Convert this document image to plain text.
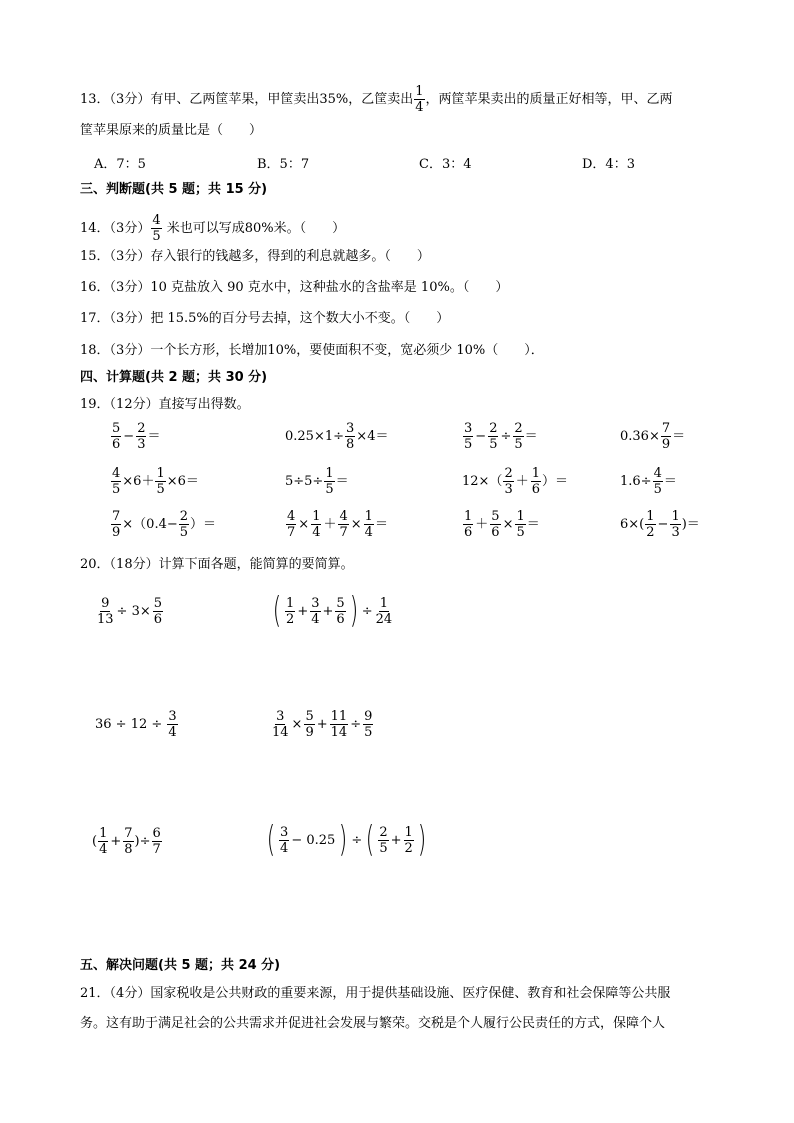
13．（3分）有甲、乙两筐苹果，甲筐卖出35%，乙筐卖出 $\frac{1}{4}$ ，两筐苹果卖出的质量正好相等，甲、乙两
筐苹果原来的质量比是（　　）
A．7：5	B．5：7	C．3：4	D．4：3
三、判断题(共 5 题；共 15 分)
14．（3分） $\frac{4}{5}$ 米也可以写成80%米。（　　）
15．（3分）存入银行的钱越多，得到的利息就越多。（　　）
16．（3分）10 克盐放入 90 克水中，这种盐水的含盐率是 10%。（　　）
17．（3分）把 15.5%的百分号去掉，这个数大小不变。（　　）
18．（3分）一个长方形，长增加10%，要使面积不变，宽必须少 10%（　　）．
四、计算题(共 2 题；共 30 分)
19．（12分）直接写出得数。
$\frac{5}{6} - \frac{2}{3}$ ＝	$0.25\times 1\div \frac{3}{8} \times 4=$	$\frac{3}{5} - \frac{2}{5} \div \frac{2}{5}$ ＝	$0.36\times \frac{7}{9}$ ＝
$\frac{4}{5} \times 6+ \frac{1}{5} \times 6=$	$5\div 5\div \frac{1}{5}$ ＝	$12\times( \frac{2}{3} + \frac{1}{6}$ ）＝	$1.6\div \frac{4}{5}$ ＝
$\frac{7}{9} \times(0.4- \frac{2}{5}$ ）＝	$\frac{4}{7} \times \frac{1}{4} + \frac{4}{7} \times \frac{1}{4}$ ＝	$\frac{1}{6} + \frac{5}{6} \times \frac{1}{5}$ ＝	$6\times( \frac{1}{2} - \frac{1}{3}$ )＝
20．（18分）计算下面各题，能简算的要简算。
$\frac{9}{13} \div 3\times \frac{5}{6}$	( $\frac{1}{2} + \frac{3}{4} + \frac{5}{6}$ ) ÷ $\frac{1}{24}$
$36 \div 12 \div \frac{3}{4}$	$\frac{3}{14} \times \frac{5}{9} + \frac{11}{14} \div \frac{9}{5}$
( $\frac{1}{4} + \frac{7}{8}$ )÷ $\frac{6}{7}$	( $\frac{3}{4} - 0.25$ ) ÷ ( $\frac{2}{5} + \frac{1}{2}$ )
五、解决问题(共 5 题；共 24 分)
21．（4分）国家税收是公共财政的重要来源，用于提供基础设施、医疗保健、教育和社会保障等公共服
务。这有助于满足社会的公共需求并促进社会发展与繁荣。交税是个人履行公民责任的方式，保障个人
